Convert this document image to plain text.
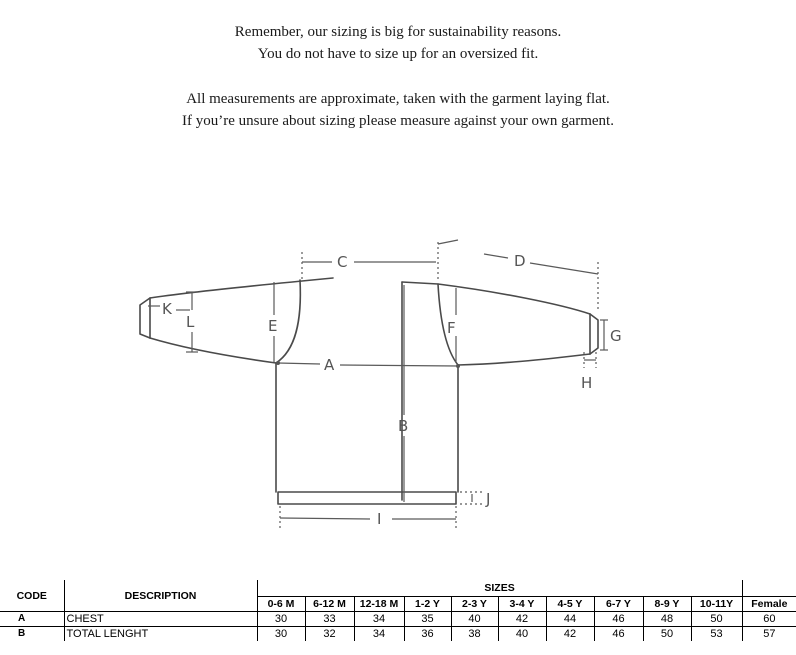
Remember, our sizing is big for sustainability reasons.

You do not have to size up for an oversized fit.

All measurements are approximate, taken with the garment laying flat.

If you’re unsure about sizing please measure against your own garment.

A
B
C	D
E	F	G
H
I
J
K
L
CODE	DESCRIPTION	SIZES										
		0-6 M	6-12 M	12-18 M	1-2 Y	2-3 Y	3-4 Y	4-5 Y	6-7 Y	8-9 Y	10-11Y	Female
A	CHEST	30	33	34	35	40	42	44	46	48	50	60
B	TOTAL LENGHT	30	32	34	36	38	40	42	46	50	53	57
